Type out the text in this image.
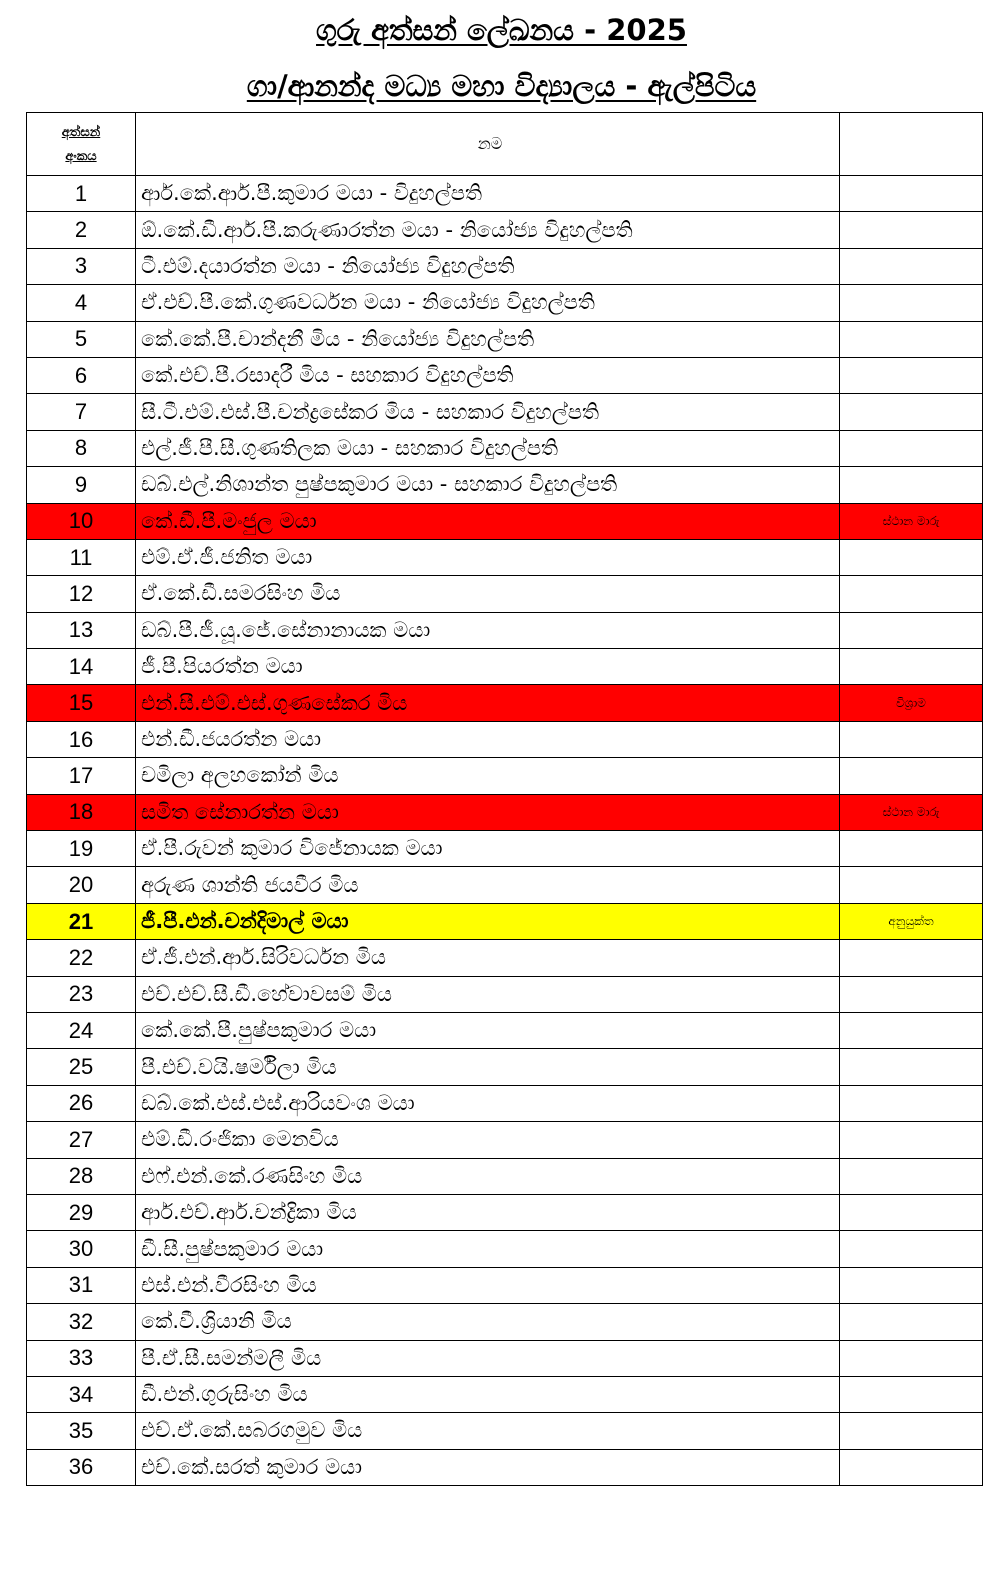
ගුරු අත්සන් ලේඛනය - 2025
ගා/ආනන්ද මධ්‍ය මහා විද්‍යාලය - ඇල්පිටිය
අත්සන්
අංකය	නම	
1	ආර්.කේ.ආර්.පී.කුමාර මයා - විදුහල්පති	
2	ඕ.කේ.ඩී.ආර්.පී.කරුණාරත්න මයා - නියෝජ්‍ය විදුහල්පති	
3	ටී.එම්.දයාරත්න මයා - නියෝජ්‍ය විදුහල්පති	
4	ඒ.එච්.පී.කේ.ගුණවර්ධන මයා - නියෝජ්‍ය විදුහල්පති	
5	කේ.කේ.පී.චාන්දනී මිය - නියෝජ්‍ය විදුහල්පති	
6	කේ.එච්.පී.රසාදරී මිය - සහකාර විදුහල්පති	
7	සී.ටී.එම්.එස්.පී.චන්ද්‍රසේකර මිය - සහකාර විදුහල්පති	
8	එල්.ජී.පී.සී.ගුණතිලක මයා - සහකාර විදුහල්පති	
9	ඩබ්.එල්.නිශාන්ත පුෂ්පකුමාර මයා - සහකාර විදුහල්පති	
10	කේ.ඩී.පී.මංජුල මයා	ස්ථාන මාරු
11	එම්.ඒ.ජී.ජනිත මයා	
12	ඒ.කේ.ඩී.සමරසිංහ මිය	
13	ඩබ්.පී.ජී.යූ.ජේ.සේනානායක මයා	
14	ජී.පී.පියරත්න මයා	
15	එන්.සී.එම්.එස්.ගුණසේකර මිය	විශ්‍රාම
16	එන්.ඩී.ජයරත්න මයා	
17	චමිලා අලහකෝන් මිය	
18	සමිත සේනාරත්න මයා	ස්ථාන මාරු
19	ඒ.පී.රුවන් කුමාර විජේනායක මයා	
20	අරුණ ශාන්ති ජයවීර මිය	
21	ජී.පී.එන්.චන්දිමාල් මයා	අනුයුක්ත
22	ඒ.ජී.එන්.ආර්.සිරිවර්ධන මිය	
23	එච්.එච්.සී.ඩී.හේවාවසම් මිය	
24	කේ.කේ.පී.පුෂ්පකුමාර මයා	
25	පී.එච්.වයි.ෂර්මිලා මිය	
26	ඩබ්.කේ.එස්.එස්.ආරියවංශ මයා	
27	එම්.ඩී.රංජිකා මෙනවිය	
28	එෆ්.එන්.කේ.රණසිංහ මිය	
29	ආර්.එච්.ආර්.චන්ද්‍රිකා මිය	
30	ඩී.සී.පුෂ්පකුමාර මයා	
31	එස්.එන්.වීරසිංහ මිය	
32	කේ.වී.ශ්‍රියානි මිය	
33	පී.ඒ.සී.සමන්මලී මිය	
34	ඩී.එන්.ගුරුසිංහ මිය	
35	එච්.ඒ.කේ.සබරගමුව මිය	
36	එච්.කේ.සරත් කුමාර මයා	
